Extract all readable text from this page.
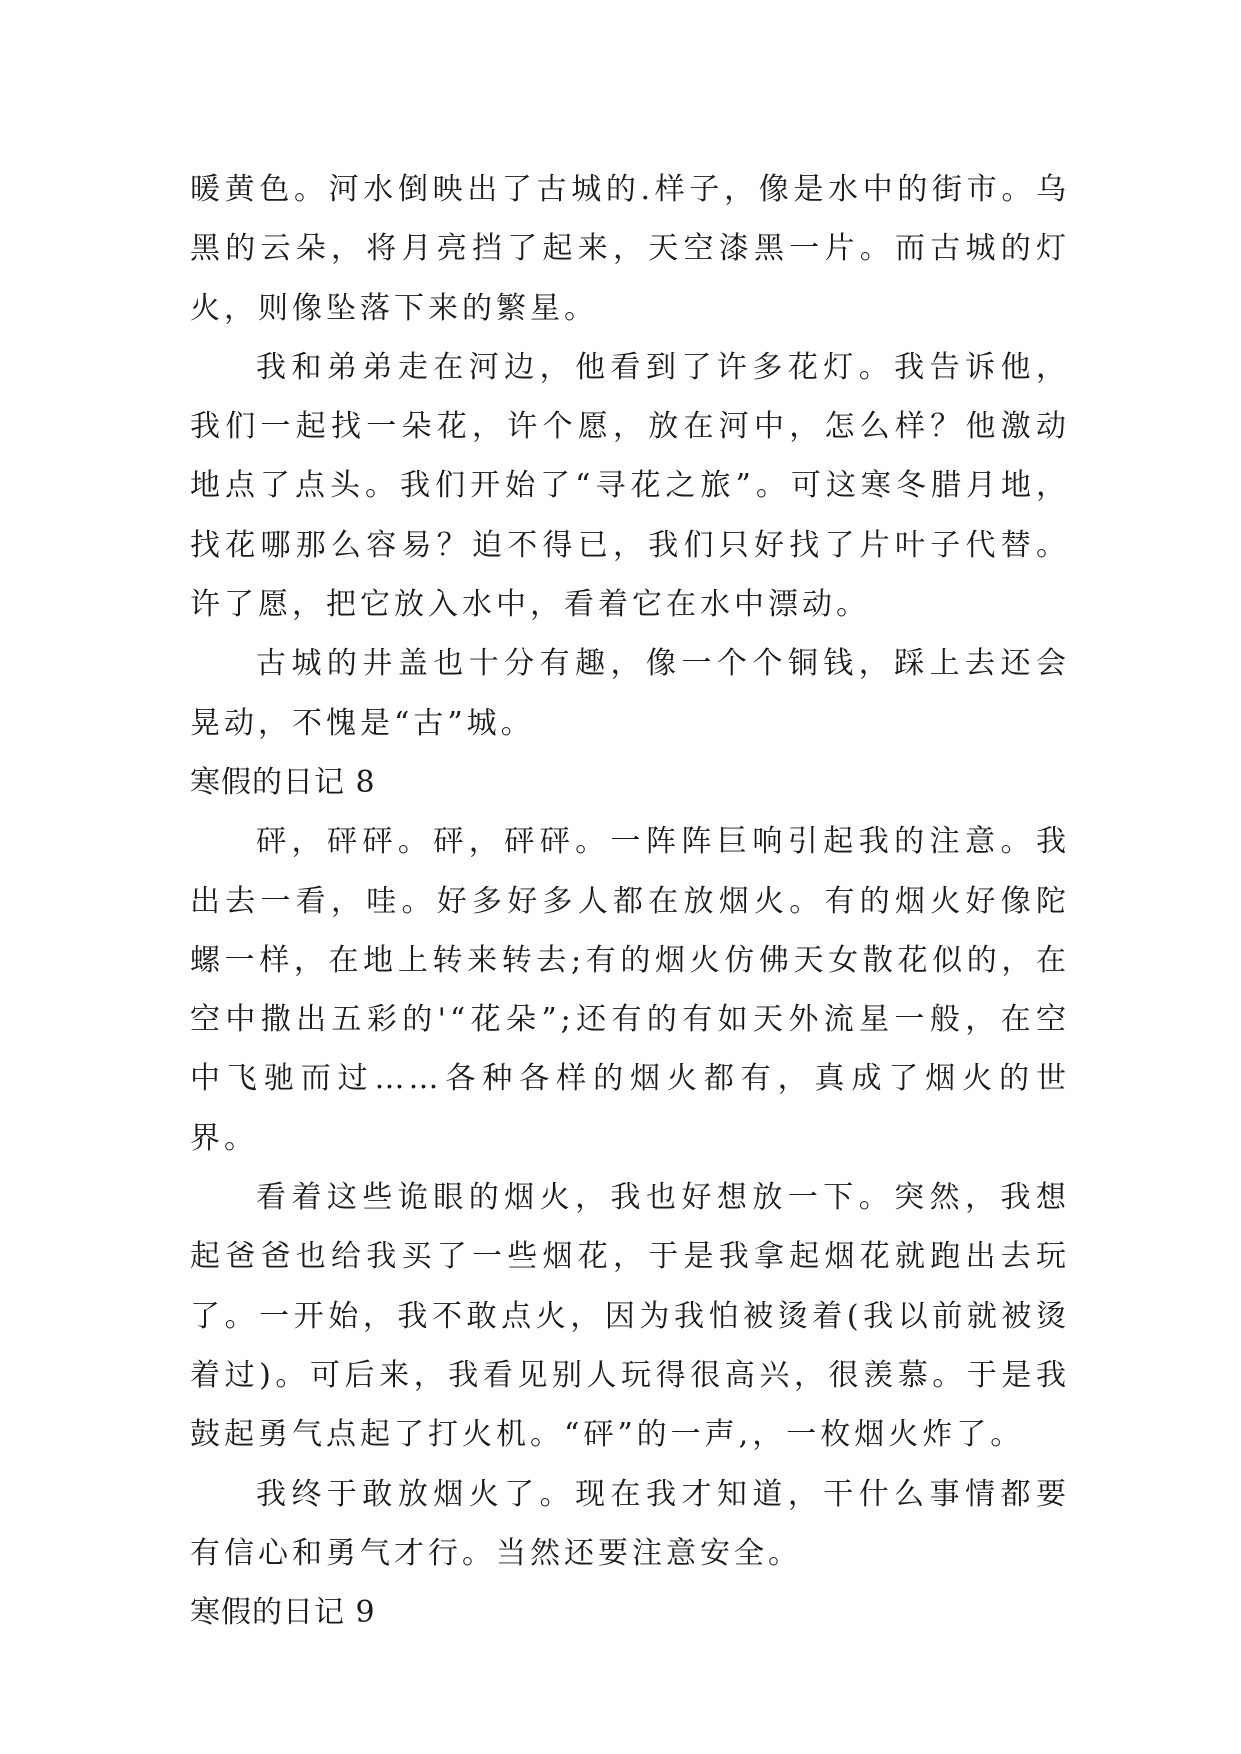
暖黄色。河水倒映出了古城的.样子，像是水中的街市。乌黑的云朵，将月亮挡了起来，天空漆黑一片。而古城的灯火，则像坠落下来的繁星。

我和弟弟走在河边，他看到了许多花灯。我告诉他，我们一起找一朵花，许个愿，放在河中，怎么样？他激动地点了点头。我们开始了“寻花之旅”。可这寒冬腊月地，找花哪那么容易？迫不得已，我们只好找了片叶子代替。许了愿，把它放入水中，看着它在水中漂动。

古城的井盖也十分有趣，像一个个铜钱，踩上去还会晃动，不愧是“古”城。

寒假的日记 8

砰，砰砰。砰，砰砰。一阵阵巨响引起我的注意。我出去一看，哇。好多好多人都在放烟火。有的烟火好像陀螺一样，在地上转来转去;有的烟火仿佛天女散花似的，在空中撒出五彩的'“花朵”;还有的有如天外流星一般，在空中飞驰而过……各种各样的烟火都有，真成了烟火的世界。

看着这些诡眼的烟火，我也好想放一下。突然，我想起爸爸也给我买了一些烟花，于是我拿起烟花就跑出去玩了。一开始，我不敢点火，因为我怕被烫着(我以前就被烫着过)。可后来，我看见别人玩得很高兴，很羡慕。于是我鼓起勇气点起了打火机。“砰”的一声,，一枚烟火炸了。

我终于敢放烟火了。现在我才知道，干什么事情都要有信心和勇气才行。当然还要注意安全。

寒假的日记 9
